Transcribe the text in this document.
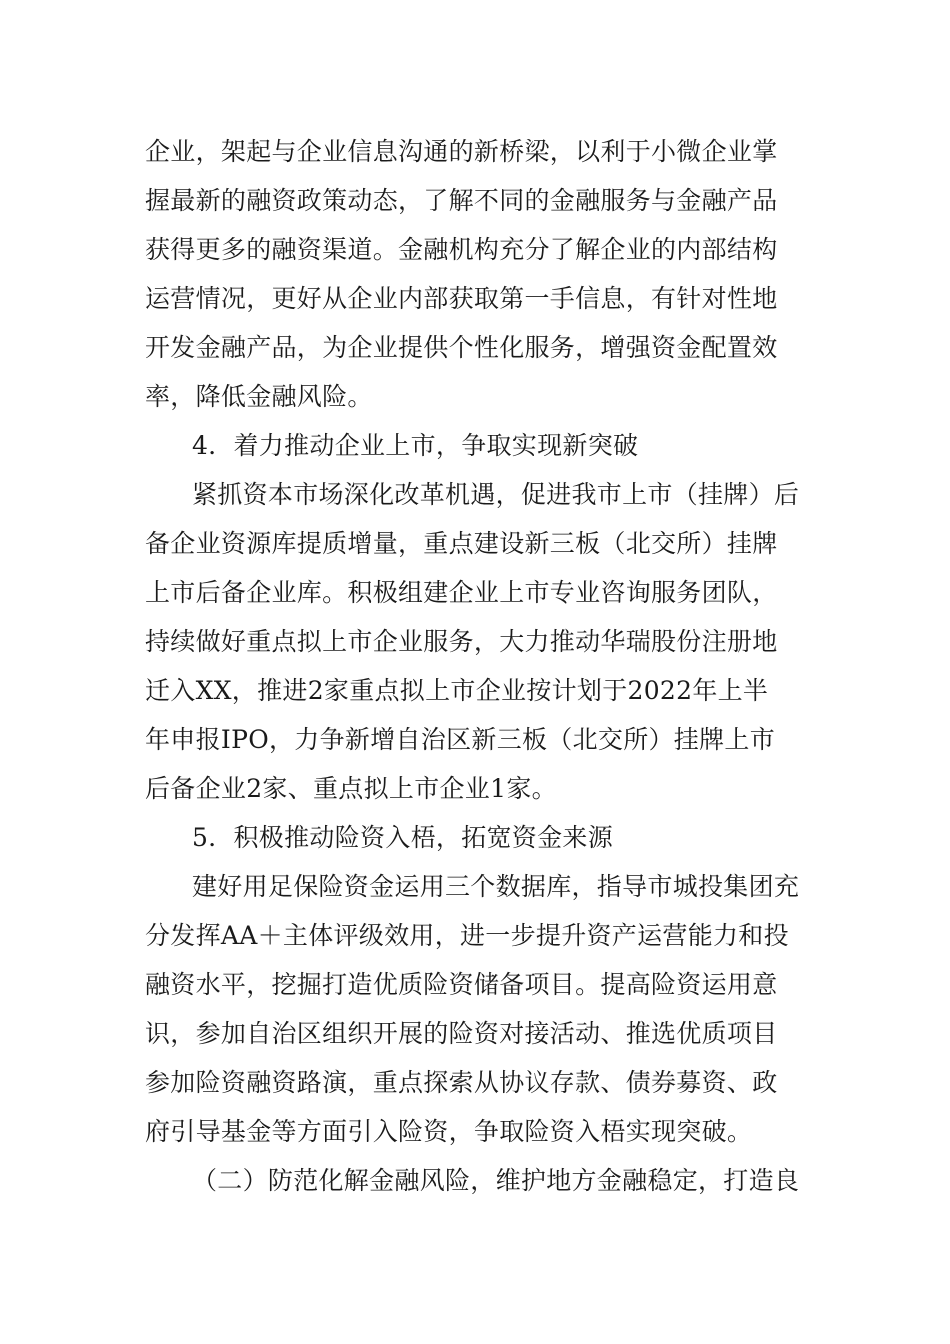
企业，架起与企业信息沟通的新桥梁，以利于小微企业掌
握最新的融资政策动态，了解不同的金融服务与金融产品
获得更多的融资渠道。金融机构充分了解企业的内部结构
运营情况，更好从企业内部获取第一手信息，有针对性地
开发金融产品，为企业提供个性化服务，增强资金配置效
率，降低金融风险。
4．着力推动企业上市，争取实现新突破
紧抓资本市场深化改革机遇，促进我市上市（挂牌）后
备企业资源库提质增量，重点建设新三板（北交所）挂牌
上市后备企业库。积极组建企业上市专业咨询服务团队，
持续做好重点拟上市企业服务，大力推动华瑞股份注册地
迁入XX，推进2家重点拟上市企业按计划于2022年上半
年申报IPO，力争新增自治区新三板（北交所）挂牌上市
后备企业2家、重点拟上市企业1家。
5．积极推动险资入梧，拓宽资金来源
建好用足保险资金运用三个数据库，指导市城投集团充
分发挥AA＋主体评级效用，进一步提升资产运营能力和投
融资水平，挖掘打造优质险资储备项目。提高险资运用意
识，参加自治区组织开展的险资对接活动、推选优质项目
参加险资融资路演，重点探索从协议存款、债券募资、政
府引导基金等方面引入险资，争取险资入梧实现突破。
（二）防范化解金融风险，维护地方金融稳定，打造良
